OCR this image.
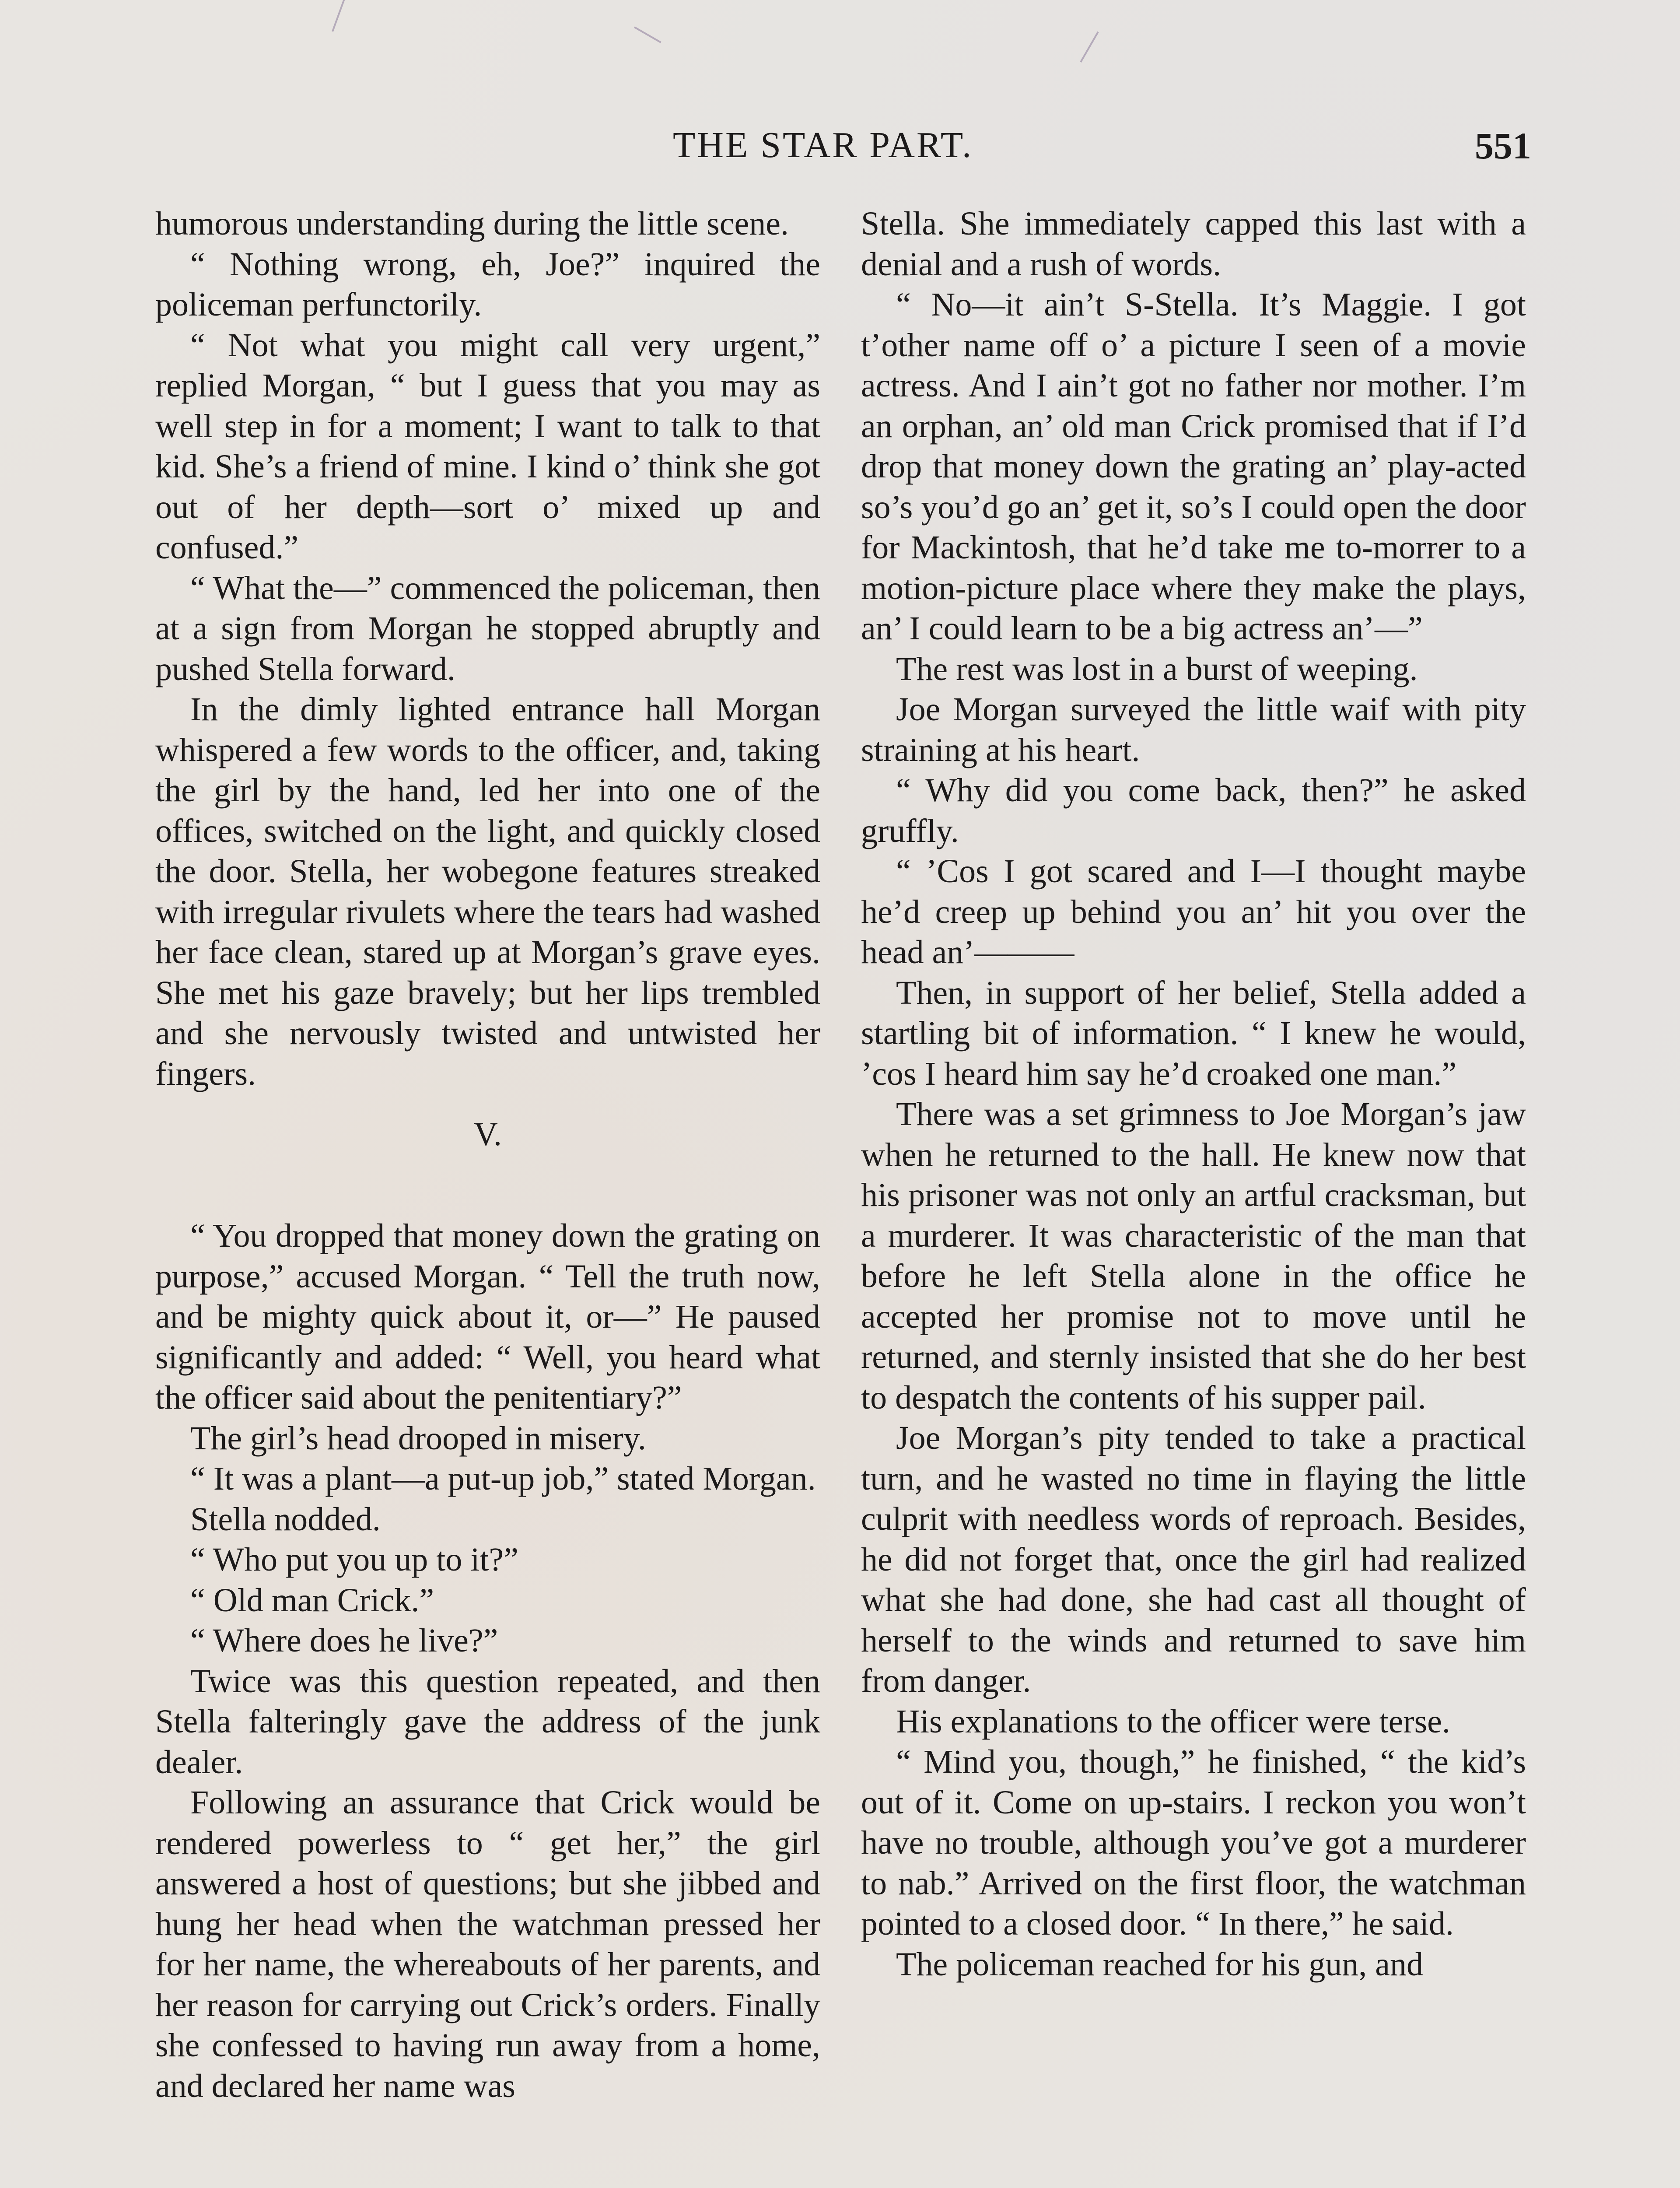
THE STAR PART.	551

humorous understanding during the little scene.

“ Nothing wrong, eh, Joe?” inquired the policeman perfunctorily.

“ Not what you might call very urgent,” replied Morgan, “ but I guess that you may as well step in for a moment; I want to talk to that kid. She’s a friend of mine. I kind o’ think she got out of her depth—sort o’ mixed up and confused.”

“ What the—” commenced the policeman, then at a sign from Morgan he stopped abruptly and pushed Stella forward.

In the dimly lighted entrance hall Morgan whispered a few words to the officer, and, taking the girl by the hand, led her into one of the offices, switched on the light, and quickly closed the door. Stella, her wobegone features streaked with irregular rivulets where the tears had washed her face clean, stared up at Morgan’s grave eyes. She met his gaze bravely; but her lips trembled and she nervously twisted and untwisted her fingers.

V.

“ You dropped that money down the grating on purpose,” accused Morgan. “ Tell the truth now, and be mighty quick about it, or—” He paused significantly and added: “ Well, you heard what the officer said about the penitentiary?”

The girl’s head drooped in misery.

“ It was a plant—a put-up job,” stated Morgan.

Stella nodded.

“ Who put you up to it?”

“ Old man Crick.”

“ Where does he live?”

Twice was this question repeated, and then Stella falteringly gave the address of the junk dealer.

Following an assurance that Crick would be rendered powerless to “ get her,” the girl answered a host of questions; but she jibbed and hung her head when the watchman pressed her for her name, the whereabouts of her parents, and her reason for carrying out Crick’s orders. Finally she confessed to having run away from a home, and declared her name was

Stella. She immediately capped this last with a denial and a rush of words.

“ No—it ain’t S-Stella. It’s Maggie. I got t’other name off o’ a picture I seen of a movie actress. And I ain’t got no father nor mother. I’m an orphan, an’ old man Crick promised that if I’d drop that money down the grating an’ play-acted so’s you’d go an’ get it, so’s I could open the door for Mackintosh, that he’d take me to-morrer to a motion-picture place where they make the plays, an’ I could learn to be a big actress an’—”

The rest was lost in a burst of weeping.

Joe Morgan surveyed the little waif with pity straining at his heart.

“ Why did you come back, then?” he asked gruffly.

“ ’Cos I got scared and I—I thought maybe he’d creep up behind you an’ hit you over the head an’———

Then, in support of her belief, Stella added a startling bit of information. “ I knew he would, ’cos I heard him say he’d croaked one man.”

There was a set grimness to Joe Morgan’s jaw when he returned to the hall. He knew now that his prisoner was not only an artful cracksman, but a murderer. It was characteristic of the man that before he left Stella alone in the office he accepted her promise not to move until he returned, and sternly insisted that she do her best to despatch the contents of his supper pail.

Joe Morgan’s pity tended to take a practical turn, and he wasted no time in flaying the little culprit with needless words of reproach. Besides, he did not forget that, once the girl had realized what she had done, she had cast all thought of herself to the winds and returned to save him from danger.

His explanations to the officer were terse.

“ Mind you, though,” he finished, “ the kid’s out of it. Come on up-stairs. I reckon you won’t have no trouble, although you’ve got a murderer to nab.” Arrived on the first floor, the watchman pointed to a closed door. “ In there,” he said.

The policeman reached for his gun, and
